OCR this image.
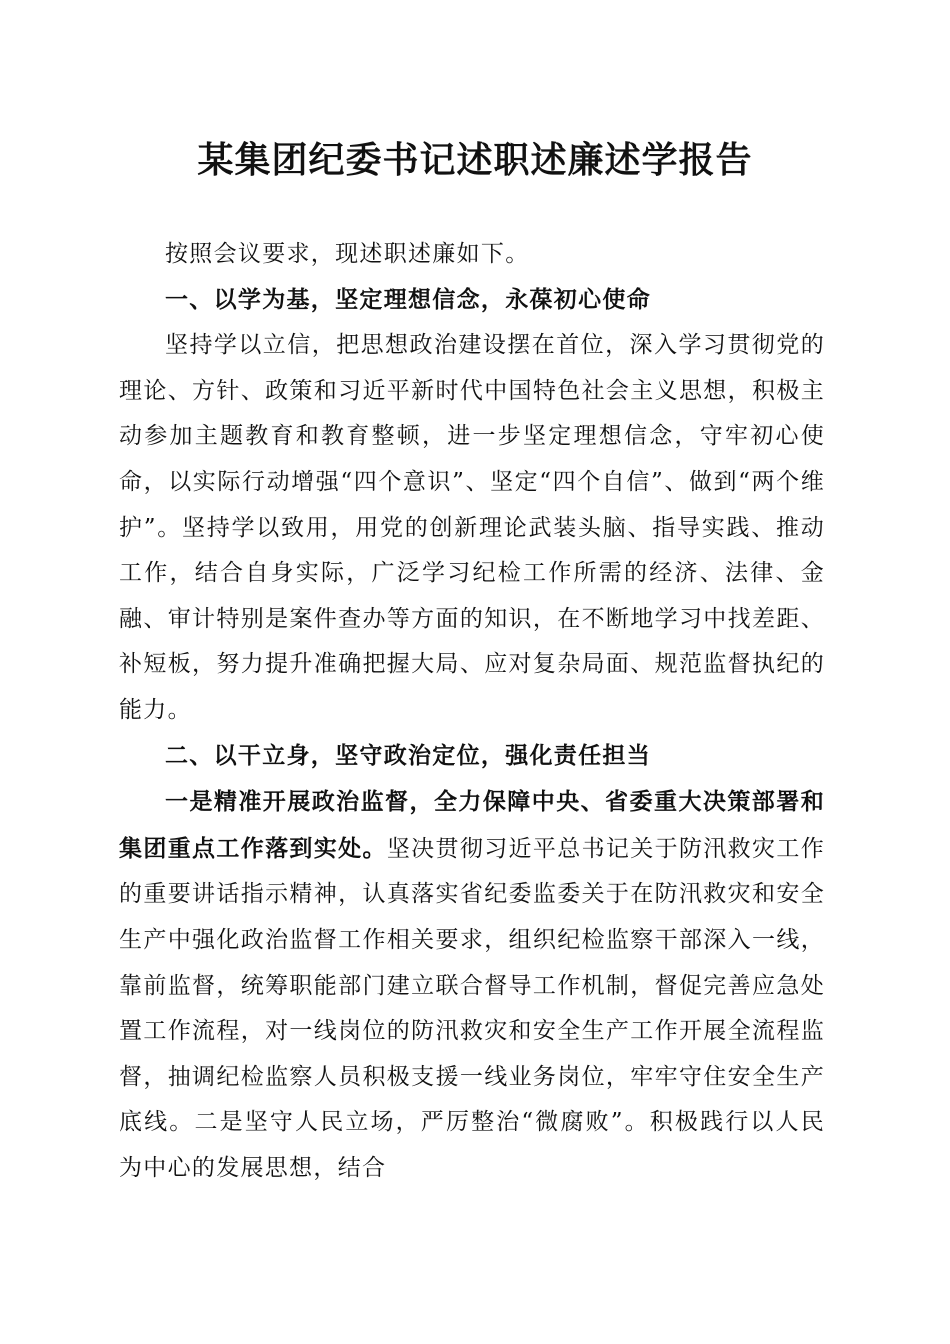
某集团纪委书记述职述廉述学报告

按照会议要求，现述职述廉如下。

一、以学为基，坚定理想信念，永葆初心使命

坚持学以立信，把思想政治建设摆在首位，深入学习贯彻党的理论、方针、政策和习近平新时代中国特色社会主义思想，积极主动参加主题教育和教育整顿，进一步坚定理想信念，守牢初心使命，以实际行动增强“四个意识”、坚定“四个自信”、做到“两个维护”。坚持学以致用，用党的创新理论武装头脑、指导实践、推动工作，结合自身实际，广泛学习纪检工作所需的经济、法律、金融、审计特别是案件查办等方面的知识，在不断地学习中找差距、补短板，努力提升准确把握大局、应对复杂局面、规范监督执纪的能力。

二、以干立身，坚守政治定位，强化责任担当

一是精准开展政治监督，全力保障中央、省委重大决策部署和集团重点工作落到实处。坚决贯彻习近平总书记关于防汛救灾工作的重要讲话指示精神，认真落实省纪委监委关于在防汛救灾和安全生产中强化政治监督工作相关要求，组织纪检监察干部深入一线，靠前监督，统筹职能部门建立联合督导工作机制，督促完善应急处置工作流程，对一线岗位的防汛救灾和安全生产工作开展全流程监督，抽调纪检监察人员积极支援一线业务岗位，牢牢守住安全生产底线。二是坚守人民立场，严厉整治“微腐败”。积极践行以人民为中心的发展思想，结合
